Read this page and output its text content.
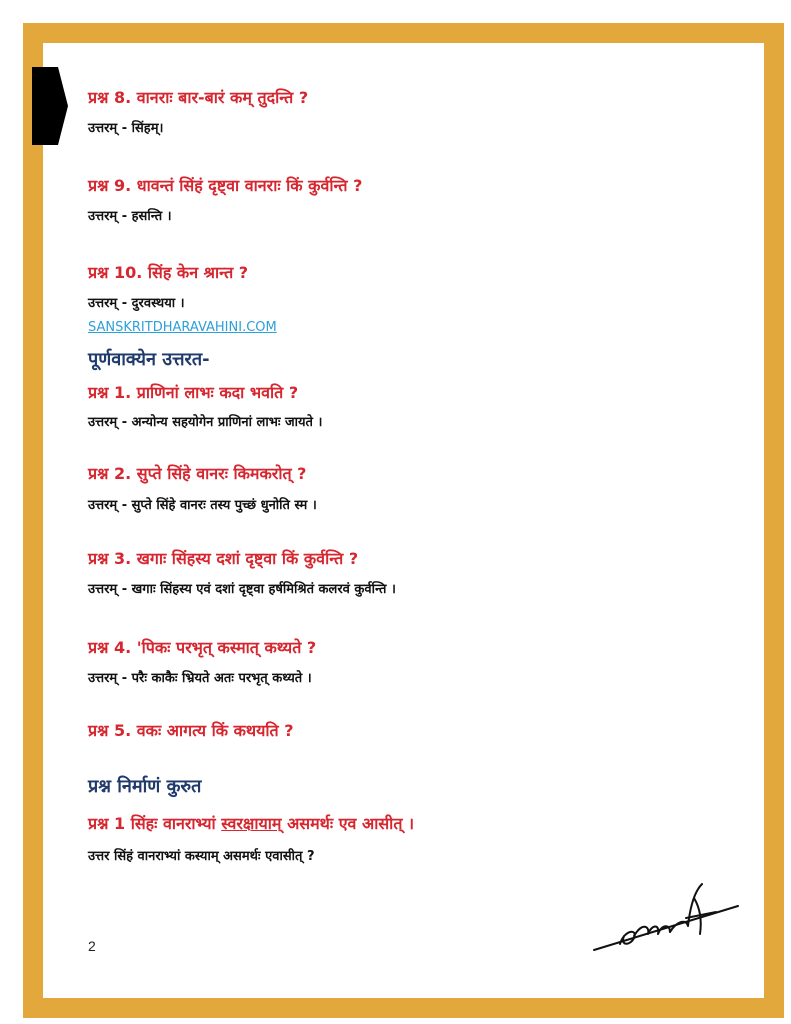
प्रश्न 8. वानराः बार-बारं कम् तुदन्ति ?
उत्तरम् - सिंहम्।
प्रश्न 9. धावन्तं सिंहं दृष्ट्वा वानराः किं कुर्वन्ति ?
उत्तरम् - हसन्ति ।
प्रश्न 10. सिंह केन श्रान्त ?
उत्तरम् - दुरवस्थया ।
SANSKRITDHARAVAHINI.COM
पूर्णवाक्येन उत्तरत-
प्रश्न 1. प्राणिनां लाभः कदा भवति ?
उत्तरम् - अन्योन्य सहयोगेन प्राणिनां लाभः जायते ।
प्रश्न 2. सुप्ते सिंहे वानरः किमकरोत् ?
उत्तरम् - सुप्ते सिंहे वानरः तस्य पुच्छं धुनोति स्म ।
प्रश्न 3. खगाः सिंहस्य दशां दृष्ट्वा किं कुर्वन्ति ?
उत्तरम् - खगाः सिंहस्य एवं दशां दृष्ट्वा हर्षमिश्रितं कलरवं कुर्वन्ति ।
प्रश्न 4. 'पिकः परभृत् कस्मात् कथ्यते ?
उत्तरम् - परैः काकैः भ्रियते अतः परभृत् कथ्यते ।
प्रश्न 5. वकः आगत्य किं कथयति ?
प्रश्न निर्माणं कुरुत
प्रश्न 1 सिंहः वानराभ्यां स्वरक्षायाम् असमर्थः एव आसीत् ।
उत्तर सिंहं वानराभ्यां कस्याम् असमर्थः एवासीत् ?
2
